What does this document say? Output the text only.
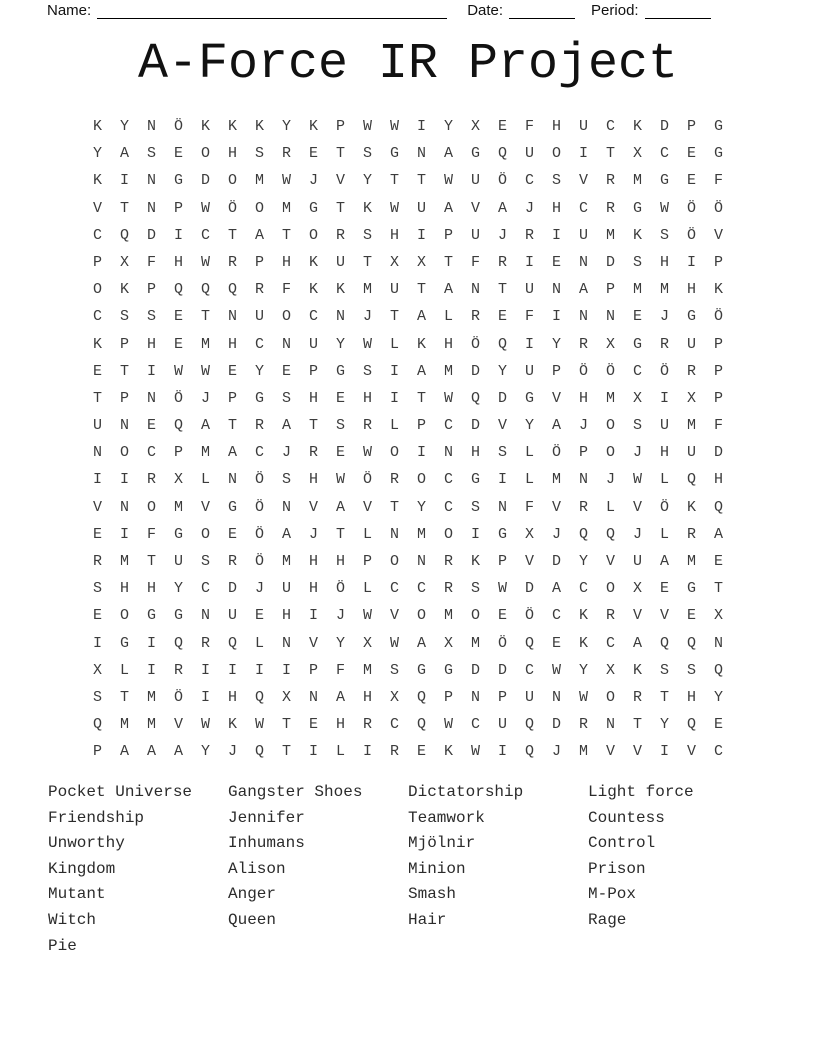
Name:	Date:	Period:
A-Force IR Project
K	Y	N	Ö	K	K	K	Y	K	P	W	W	I	Y	X	E	F	H	U	C	K	D	P	G
Y	A	S	E	O	H	S	R	E	T	S	G	N	A	G	Q	U	O	I	T	X	C	E	G
K	I	N	G	D	O	M	W	J	V	Y	T	T	W	U	Ö	C	S	V	R	M	G	E	F
V	T	N	P	W	Ö	O	M	G	T	K	W	U	A	V	A	J	H	C	R	G	W	Ö	Ö
C	Q	D	I	C	T	A	T	O	R	S	H	I	P	U	J	R	I	U	M	K	S	Ö	V
P	X	F	H	W	R	P	H	K	U	T	X	X	T	F	R	I	E	N	D	S	H	I	P
O	K	P	Q	Q	Q	R	F	K	K	M	U	T	A	N	T	U	N	A	P	M	M	H	K
C	S	S	E	T	N	U	O	C	N	J	T	A	L	R	E	F	I	N	N	E	J	G	Ö
K	P	H	E	M	H	C	N	U	Y	W	L	K	H	Ö	Q	I	Y	R	X	G	R	U	P
E	T	I	W	W	E	Y	E	P	G	S	I	A	M	D	Y	U	P	Ö	Ö	C	Ö	R	P
T	P	N	Ö	J	P	G	S	H	E	H	I	T	W	Q	D	G	V	H	M	X	I	X	P
U	N	E	Q	A	T	R	A	T	S	R	L	P	C	D	V	Y	A	J	O	S	U	M	F
N	O	C	P	M	A	C	J	R	E	W	O	I	N	H	S	L	Ö	P	O	J	H	U	D
I	I	R	X	L	N	Ö	S	H	W	Ö	R	O	C	G	I	L	M	N	J	W	L	Q	H
V	N	O	M	V	G	Ö	N	V	A	V	T	Y	C	S	N	F	V	R	L	V	Ö	K	Q
E	I	F	G	O	E	Ö	A	J	T	L	N	M	O	I	G	X	J	Q	Q	J	L	R	A
R	M	T	U	S	R	Ö	M	H	H	P	O	N	R	K	P	V	D	Y	V	U	A	M	E
S	H	H	Y	C	D	J	U	H	Ö	L	C	C	R	S	W	D	A	C	O	X	E	G	T
E	O	G	G	N	U	E	H	I	J	W	V	O	M	O	E	Ö	C	K	R	V	V	E	X
I	G	I	Q	R	Q	L	N	V	Y	X	W	A	X	M	Ö	Q	E	K	C	A	Q	Q	N
X	L	I	R	I	I	I	I	P	F	M	S	G	G	D	D	C	W	Y	X	K	S	S	Q
S	T	M	Ö	I	H	Q	X	N	A	H	X	Q	P	N	P	U	N	W	O	R	T	H	Y
Q	M	M	V	W	K	W	T	E	H	R	C	Q	W	C	U	Q	D	R	N	T	Y	Q	E
P	A	A	A	Y	J	Q	T	I	L	I	R	E	K	W	I	Q	J	M	V	V	I	V	C
Pocket Universe
Friendship
Unworthy
Kingdom
Mutant
Witch
Pie
Gangster Shoes
Jennifer
Inhumans
Alison
Anger
Queen
Dictatorship
Teamwork
Mjölnir
Minion
Smash
Hair
Light force
Countess
Control
Prison
M-Pox
Rage
